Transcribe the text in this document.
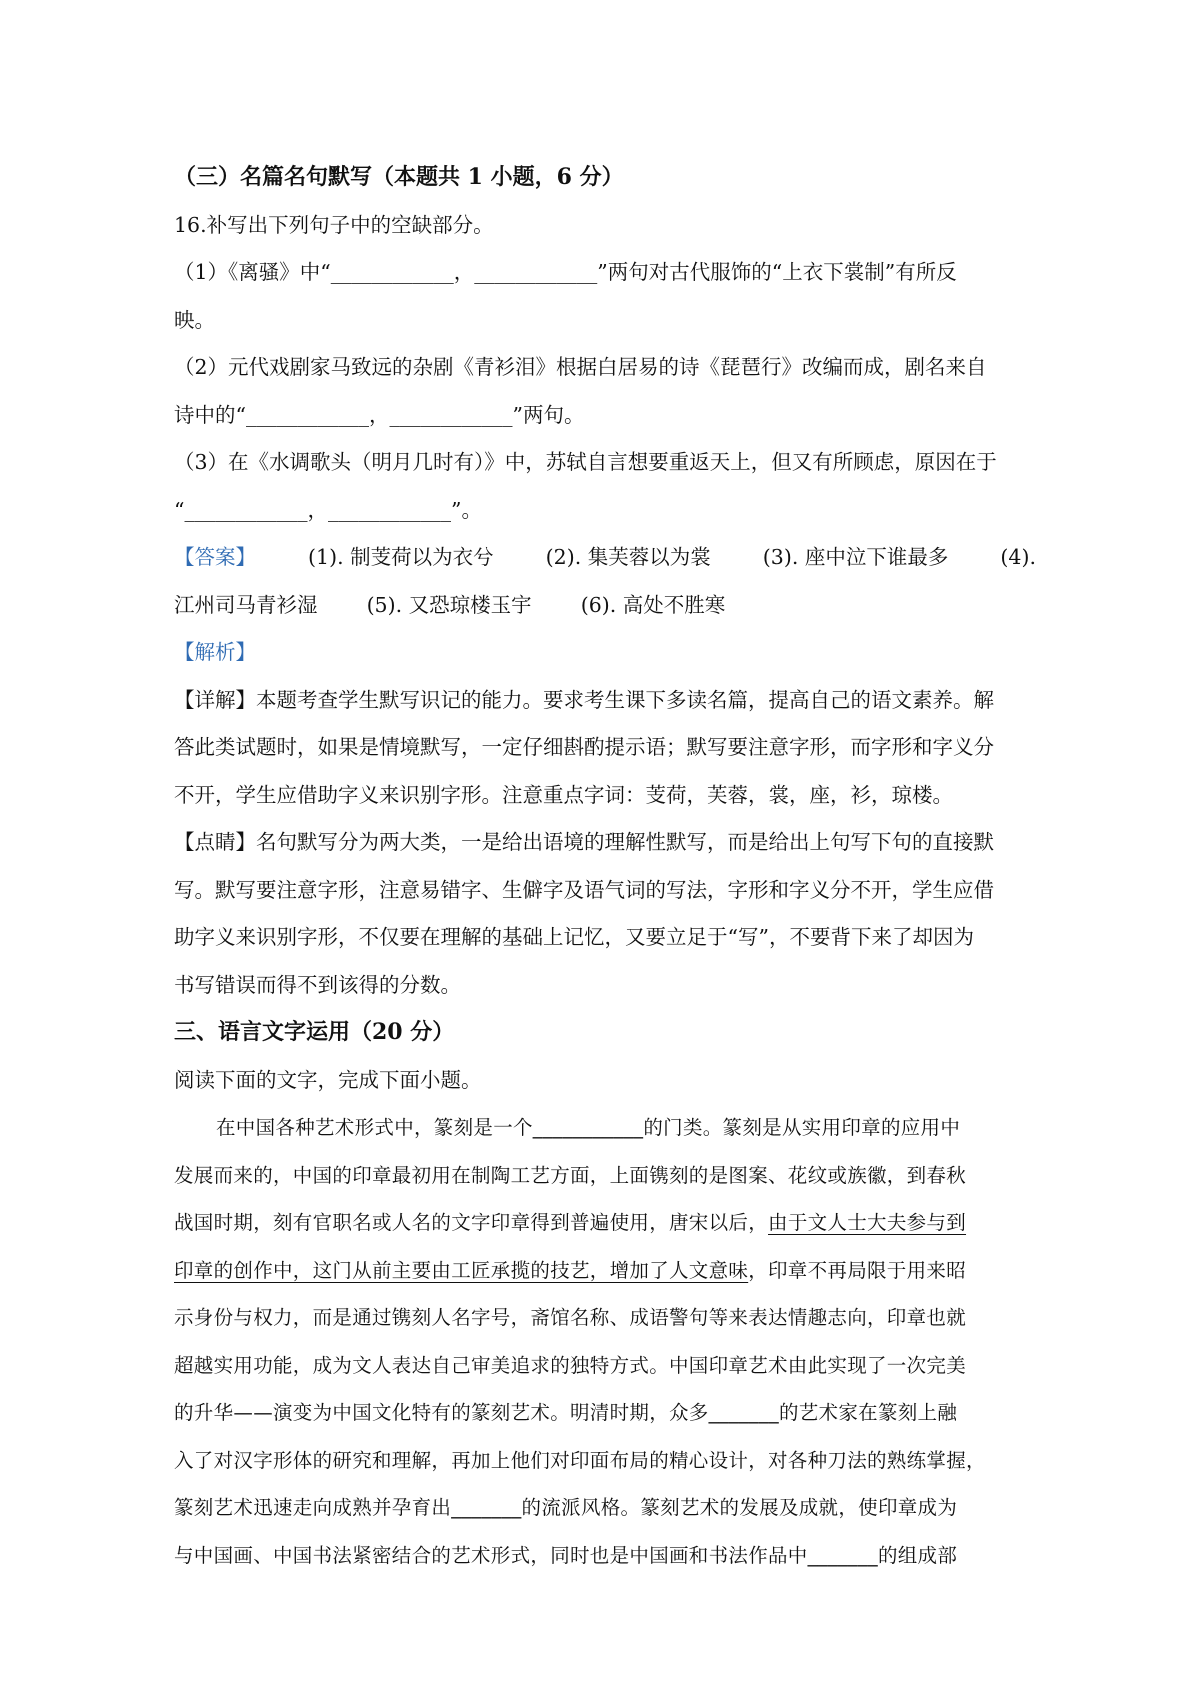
（三）名篇名句默写（本题共 1 小题，6 分）

16.补写出下列句子中的空缺部分。

（1）《离骚》中“____________，____________”两句对古代服饰的“上衣下裳制”有所反

映。

（2）元代戏剧家马致远的杂剧《青衫泪》根据白居易的诗《琵琶行》改编而成，剧名来自

诗中的“____________，____________”两句。

（3）在《水调歌头（明月几时有）》中，苏轼自言想要重返天上，但又有所顾虑，原因在于

“____________，____________”。

【答案】	(1). 制芰荷以为衣兮	(2). 集芙蓉以为裳	(3). 座中泣下谁最多	(4).
江州司马青衫湿 (5). 又恐琼楼玉宇 (6). 高处不胜寒

【解析】

【详解】本题考查学生默写识记的能力。要求考生课下多读名篇，提高自己的语文素养。解

答此类试题时，如果是情境默写，一定仔细斟酌提示语；默写要注意字形，而字形和字义分

不开，学生应借助字义来识别字形。注意重点字词：芰荷，芙蓉，裳，座，衫，琼楼。

【点睛】名句默写分为两大类，一是给出语境的理解性默写，而是给出上句写下句的直接默

写。默写要注意字形，注意易错字、生僻字及语气词的写法，字形和字义分不开，学生应借

助字义来识别字形，不仅要在理解的基础上记忆，又要立足于“写”，不要背下来了却因为

书写错误而得不到该得的分数。

三、语言文字运用（20 分）

阅读下面的文字，完成下面小题。

在中国各种艺术形式中，篆刻是一个___________的门类。篆刻是从实用印章的应用中

发展而来的，中国的印章最初用在制陶工艺方面，上面镌刻的是图案、花纹或族徽，到春秋

战国时期，刻有官职名或人名的文字印章得到普遍使用，唐宋以后，由于文人士大夫参与到

印章的创作中，这门从前主要由工匠承揽的技艺，增加了人文意味，印章不再局限于用来昭

示身份与权力，而是通过镌刻人名字号，斋馆名称、成语警句等来表达情趣志向，印章也就

超越实用功能，成为文人表达自己审美追求的独特方式。中国印章艺术由此实现了一次完美

的升华——演变为中国文化特有的篆刻艺术。明清时期，众多_______的艺术家在篆刻上融

入了对汉字形体的研究和理解，再加上他们对印面布局的精心设计，对各种刀法的熟练掌握，

篆刻艺术迅速走向成熟并孕育出_______的流派风格。篆刻艺术的发展及成就，使印章成为

与中国画、中国书法紧密结合的艺术形式，同时也是中国画和书法作品中_______的组成部
